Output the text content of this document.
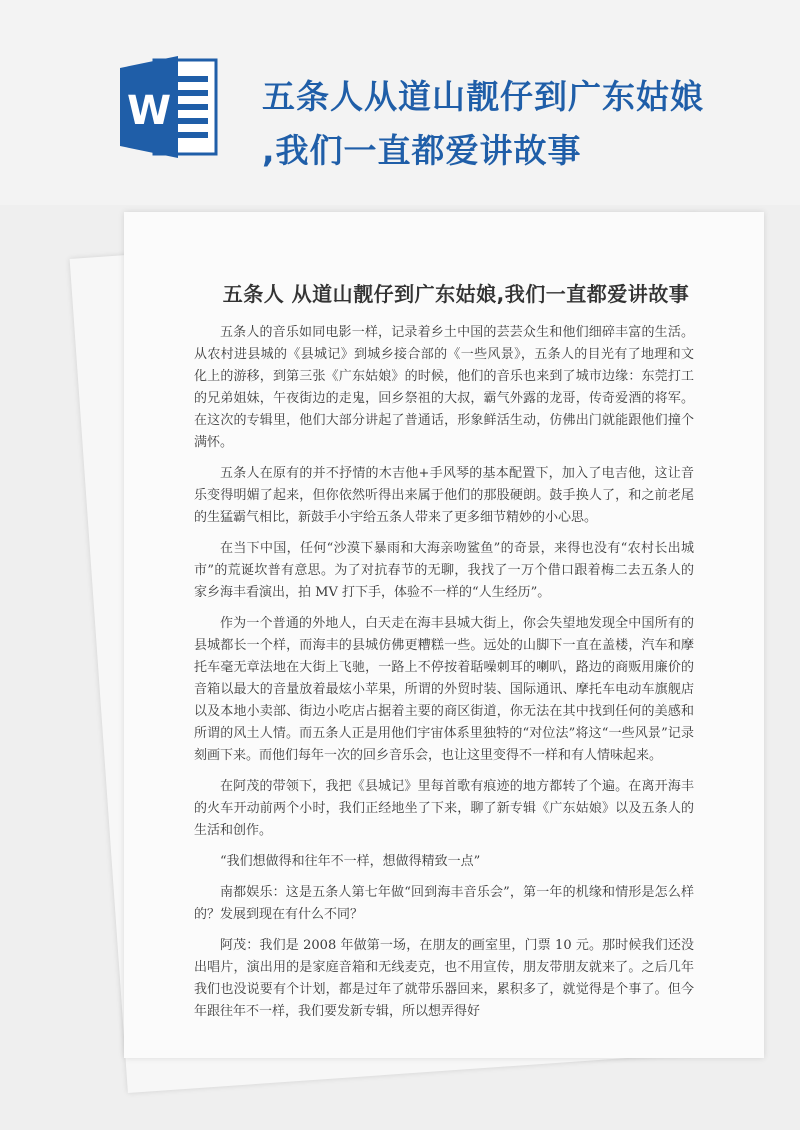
W	五条人从道山靓仔到广东姑娘
,我们一直都爱讲故事
五条人 从道山靓仔到广东姑娘,我们一直都爱讲故事

五条人的音乐如同电影一样，记录着乡土中国的芸芸众生和他们细碎丰富的生活。从农村进县城的《县城记》到城乡接合部的《一些风景》，五条人的目光有了地理和文化上的游移，到第三张《广东姑娘》的时候，他们的音乐也来到了城市边缘：东莞打工的兄弟姐妹，午夜街边的走鬼，回乡祭祖的大叔，霸气外露的龙哥，传奇爱酒的将军。在这次的专辑里，他们大部分讲起了普通话，形象鲜活生动，仿佛出门就能跟他们撞个满怀。

五条人在原有的并不抒情的木吉他+手风琴的基本配置下，加入了电吉他，这让音乐变得明媚了起来，但你依然听得出来属于他们的那股硬朗。鼓手换人了，和之前老尾的生猛霸气相比，新鼓手小宇给五条人带来了更多细节精妙的小心思。

在当下中国，任何“沙漠下暴雨和大海亲吻鲨鱼”的奇景，来得也没有“农村长出城市”的荒诞坎普有意思。为了对抗春节的无聊，我找了一万个借口跟着梅二去五条人的家乡海丰看演出，拍 MV 打下手，体验不一样的“人生经历”。

作为一个普通的外地人，白天走在海丰县城大街上，你会失望地发现全中国所有的县城都长一个样，而海丰的县城仿佛更糟糕一些。远处的山脚下一直在盖楼，汽车和摩托车毫无章法地在大街上飞驰，一路上不停按着聒噪刺耳的喇叭，路边的商贩用廉价的音箱以最大的音量放着最炫小苹果，所谓的外贸时装、国际通讯、摩托车电动车旗舰店以及本地小卖部、街边小吃店占据着主要的商区街道，你无法在其中找到任何的美感和所谓的风土人情。而五条人正是用他们宇宙体系里独特的“对位法”将这“一些风景”记录刻画下来。而他们每年一次的回乡音乐会，也让这里变得不一样和有人情味起来。

在阿茂的带领下，我把《县城记》里每首歌有痕迹的地方都转了个遍。在离开海丰的火车开动前两个小时，我们正经地坐了下来，聊了新专辑《广东姑娘》以及五条人的生活和创作。

“我们想做得和往年不一样，想做得精致一点”

南都娱乐：这是五条人第七年做“回到海丰音乐会”，第一年的机缘和情形是怎么样的？发展到现在有什么不同？

阿茂：我们是 2008 年做第一场，在朋友的画室里，门票 10 元。那时候我们还没出唱片，演出用的是家庭音箱和无线麦克，也不用宣传，朋友带朋友就来了。之后几年我们也没说要有个计划，都是过年了就带乐器回来，累积多了，就觉得是个事了。但今年跟往年不一样，我们要发新专辑，所以想弄得好
